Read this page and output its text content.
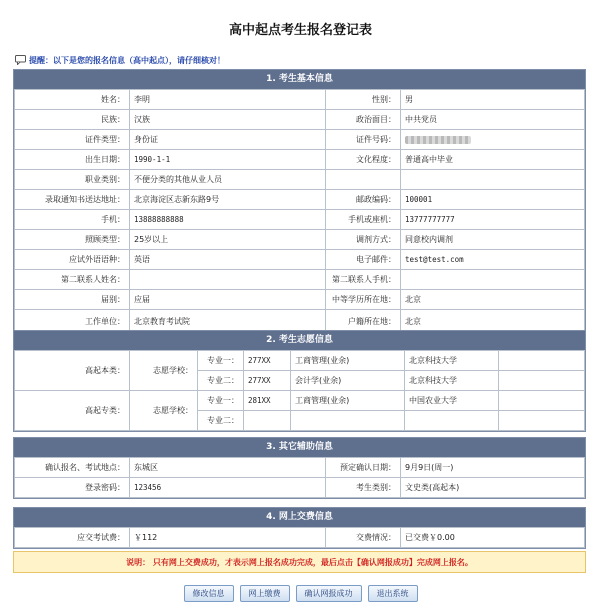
高中起点考生报名登记表
提醒：以下是您的报名信息（高中起点），请仔细核对！
1. 考生基本信息
姓名：	李明	性别：	男
民族：	汉族	政治面目：	中共党员
证件类型：	身份证	证件号码：	
出生日期：	1990-1-1	文化程度：	普通高中毕业
职业类别：	不便分类的其他从业人员		
录取通知书送达地址：	北京海淀区志新东路9号	邮政编码：	100001
手机：	13888888888	手机或座机：	13777777777
照顾类型：	25岁以上	调剂方式：	同意校内调剂
应试外语语种：	英语	电子邮件：	test@test.com
第二联系人姓名：		第二联系人手机：	
届别：	应届	中等学历所在地：	北京
工作单位：	北京教育考试院	户籍所在地：	北京
2. 考生志愿信息
高起本类：	志愿学校：	专业一：	277XX	工商管理(业余)	北京科技大学	
		专业二：	277XX	会计学(业余)	北京科技大学	
高起专类：	志愿学校：	专业一：	281XX	工商管理(业余)	中国农业大学	
		专业二：				
3. 其它辅助信息
确认报名、考试地点：	东城区	预定确认日期：	9月9日(周一)
登录密码：	123456	考生类别：	文史类(高起本)
4. 网上交费信息
应交考试费：	￥112	交费情况：	已交费￥0.00
说明： 只有网上交费成功，才表示网上报名成功完成，最后点击【确认网报成功】完成网上报名。
修改信息	网上缴费	确认网报成功	退出系统
